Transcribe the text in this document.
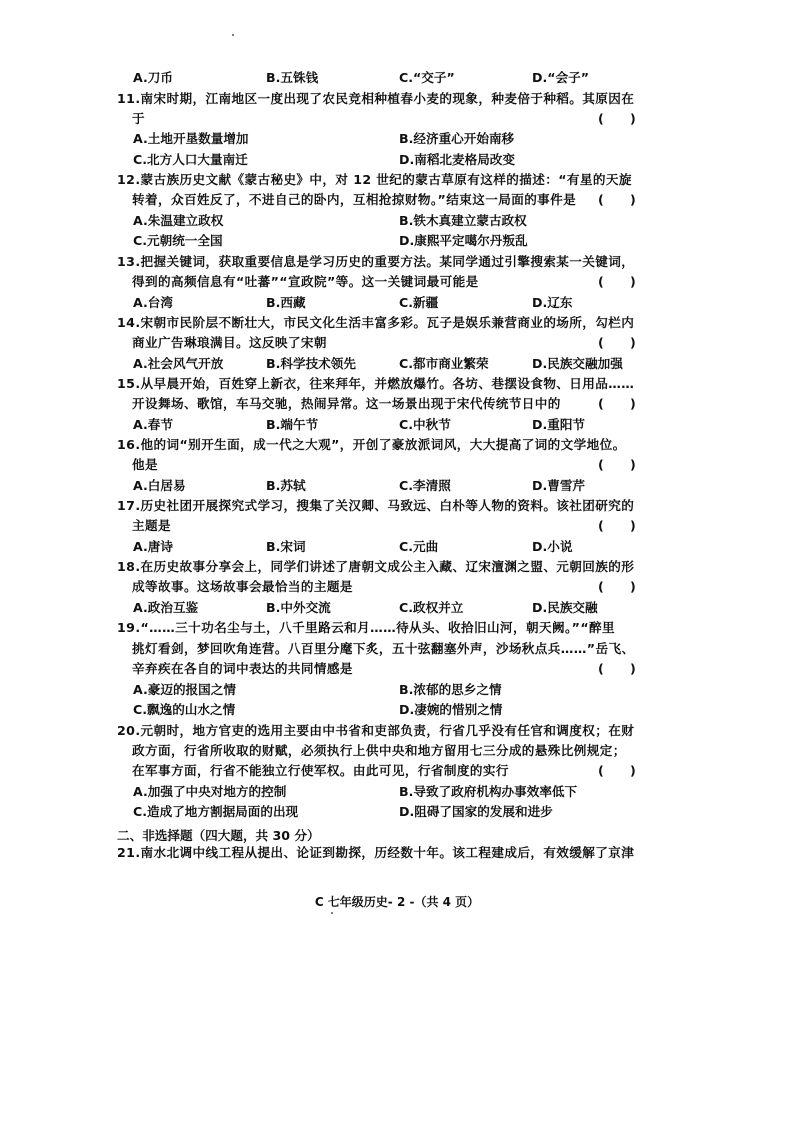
A.刀币	B.五铢钱	C.“交子”	D.“会子”
11.南宋时期，江南地区一度出现了农民竞相种植春小麦的现象，种麦倍于种稻。其原因在
于	(      )
A.土地开垦数量增加	B.经济重心开始南移
C.北方人口大量南迁	D.南稻北麦格局改变
12.蒙古族历史文献《蒙古秘史》中，对 12 世纪的蒙古草原有这样的描述：“有星的天旋
转着，众百姓反了，不进自己的卧内，互相抢掠财物。”结束这一局面的事件是 (      )
A.朱温建立政权	B.铁木真建立蒙古政权
C.元朝统一全国	D.康熙平定噶尔丹叛乱
13.把握关键词，获取重要信息是学习历史的重要方法。某同学通过引擎搜索某一关键词，
得到的高频信息有“吐蕃”“宣政院”等。这一关键词最可能是	(      )
A.台湾	B.西藏	C.新疆	D.辽东
14.宋朝市民阶层不断壮大，市民文化生活丰富多彩。瓦子是娱乐兼营商业的场所，勾栏内
商业广告琳琅满目。这反映了宋朝	(      )
A.社会风气开放	B.科学技术领先	C.都市商业繁荣	D.民族交融加强
15.从早晨开始，百姓穿上新衣，往来拜年，并燃放爆竹。各坊、巷摆设食物、日用品……
开设舞场、歌馆，车马交驰，热闹异常。这一场景出现于宋代传统节日中的	(      )
A.春节	B.端午节	C.中秋节	D.重阳节
16.他的词“别开生面，成一代之大观”，开创了豪放派词风，大大提高了词的文学地位。
他是	(      )
A.白居易	B.苏轼	C.李清照	D.曹雪芹
17.历史社团开展探究式学习，搜集了关汉卿、马致远、白朴等人物的资料。该社团研究的
主题是	(      )
A.唐诗	B.宋词	C.元曲	D.小说
18.在历史故事分享会上，同学们讲述了唐朝文成公主入藏、辽宋澶渊之盟、元朝回族的形
成等故事。这场故事会最恰当的主题是	(      )
A.政治互鉴	B.中外交流	C.政权并立	D.民族交融
19.“……三十功名尘与土，八千里路云和月……待从头、收拾旧山河，朝天阙。”“醉里
挑灯看剑，梦回吹角连营。八百里分麾下炙，五十弦翻塞外声，沙场秋点兵……”岳飞、
辛弃疾在各自的词中表达的共同情感是	(      )
A.豪迈的报国之情	B.浓郁的思乡之情
C.飘逸的山水之情	D.凄婉的惜别之情
20.元朝时，地方官吏的选用主要由中书省和吏部负责，行省几乎没有任官和调度权；在财
政方面，行省所收取的财赋，必须执行上供中央和地方留用七三分成的悬殊比例规定；
在军事方面，行省不能独立行使军权。由此可见，行省制度的实行	(      )
A.加强了中央对地方的控制	B.导致了政府机构办事效率低下
C.造成了地方割据局面的出现	D.阻碍了国家的发展和进步
二、非选择题（四大题，共 30 分）
21.南水北调中线工程从提出、论证到勘探，历经数十年。该工程建成后，有效缓解了京津
C 七年级历史- 2 -（共 4 页）
